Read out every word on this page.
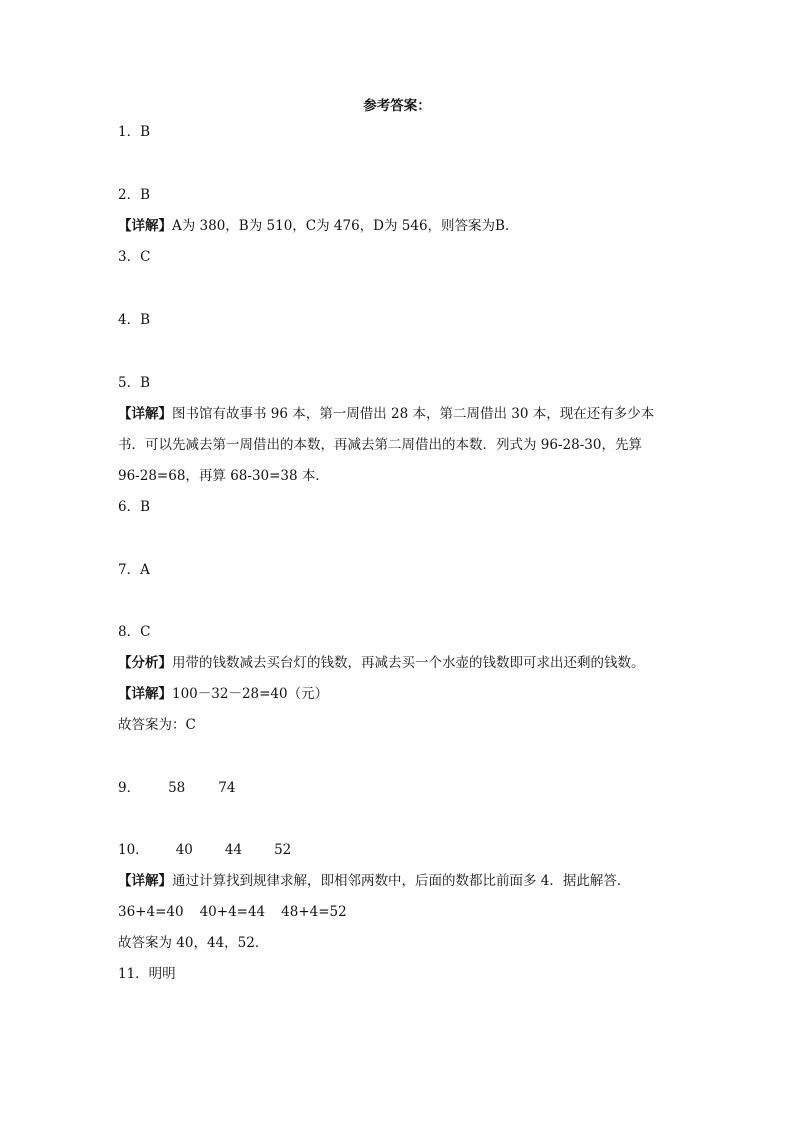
参考答案：
1．B
2．B
【详解】A为 380，B为 510，C为 476，D为 546，则答案为B．
3．C
4．B
5．B
【详解】图书馆有故事书 96 本，第一周借出 28 本，第二周借出 30 本，现在还有多少本
书．可以先减去第一周借出的本数，再减去第二周借出的本数．列式为 96-28-30，先算
96-28=68，再算 68-30=38 本．
6．B
7．A
8．C
【分析】用带的钱数减去买台灯的钱数，再减去买一个水壶的钱数即可求出还剩的钱数。
【详解】100－32－28=40（元）
故答案为：C
9． 58 74
10． 40 44 52
【详解】通过计算找到规律求解，即相邻两数中，后面的数都比前面多 4．据此解答．
36+4=40 40+4=44 48+4=52
故答案为 40，44，52．
11．明明
